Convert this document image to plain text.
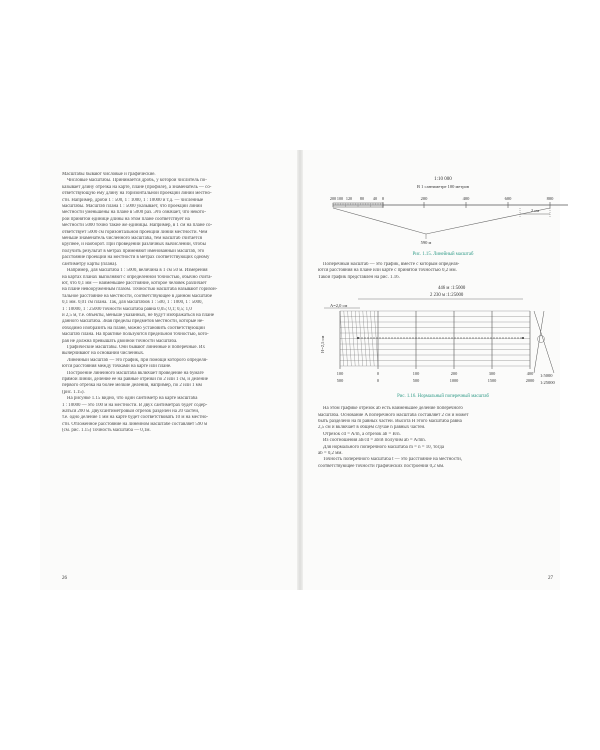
Масштабы бывают числовые и графические.
Числовые масштабы. Принимается дробь, у которой числитель по-
казывает длину отрезка на карте, плане (профиле), а знаменатель — со-
ответствующую ему длину на горизонтальной проекции линии местно-
сти. Например, дроби 1 : 500, 1 : 1000, 1 : 10000 и т.д. — численные
масштабы. Масштаб плана 1 : 5000 указывает, что проекции линий
местности уменьшены на плане в 5000 раз. Это означает, что некото-
рой принятой единице длины на этом плане соответствует на
местности 5000 точно такие же единицы. Например, в 1 см на плане со-
ответствует 5000 см горизонтальной проекции линии местности. Чем
меньше знаменатель численного масштаба, тем масштаб считается
крупнее, и наоборот. При проведении различных вычислений, чтобы
получить результат в метрах применяют именованный масштаб, это
расстояние проекции на местности в метрах соответствующих одному
сантиметру карты (плана).
Например, для масштаба 1 : 5000, величина в 1 см 50 м. Измерения
на картах планах выполняют с определенной точностью, обычно счита-
ют, что 0,1 мм — наименьшее расстояние, которое человек различает
на плане невооруженным глазом. Точностью масштаба называют горизон-
тальное расстояние на местности, соответствующее в данном масштабе
0,1 мм. 0,01 см плана. Так, для масштабов 1 : 500, 1 : 1000, 1 : 5000,
1 : 10000, 1 : 25000 точности масштаба равна 0,05; 0,1; 0,5; 1,0
и 2,5 м, т.е. объекты, меньше указанных, не будут изображаться на плане
данного масштаба. Зная пределы предметов местности, которые не-
обходимо изобразить на плане, можно установить соответствующий
масштаб плана. На практике пользуются предельной точностью, кото-
рая не должна превышать двойной точности масштаба.
Графические масштабы. Они бывают линейные и поперечные. Их
вычерчивают на основании численных.
Линейный масштаб — это график, при помощи которого определя-
ются расстояния между точками на карте или плане.
Построение линейного масштаба включает проведение на бумаге
прямой линии, деление ее на равные отрезки по 2 или 1 см, и деление
первого отрезка на более мелкие деления, например, по 2 или 1 мм
(рис. 1.15).
На рисунке 1.15 видно, что один сантиметр на карте масштаба
1 : 10000 — это 100 м на местности. В двух сантиметрах будет содер-
жаться 200 м. Двухсантиметровый отрезок разделен на 20 частей,
т.е. одно деление 1 мм на карте будет соответствовать 10 м на местно-
сти. Отложенное расстояние на линейном масштабе составляет 590 м
(см. рис. 1.15) Точность масштаба — 0,1м.
26
1:10 000
В 1 сантиметре 100 метров
200 100 120 80 40 0	200	400	600	800
590 м
2 см
Рис. 1.15. Линейный масштаб
Поперечный масштаб — это график, вместе с которым определя-
ются расстояния на плане или карте с принятой точностью 0,2 мм.
Такой график представлен на рис. 1.16.
446 м :1:5000
2 230 м :1:25000
A=2,0 см
H=2,5 см
100	0	100	200	300	400
500	0	500	1000	1500	2000
1:5000
1:25000
Рис. 1.16. Нормальный поперечный масштаб
На этом графике отрезок ab есть наименьшее деление поперечного
масштаба. Основание A поперечного масштаба составляет 2 см и может
быть разделено на m равных частей. Высота H этого масштаба равна
2,5 см и включает в общем случае n равных частей.
Отрезок cd = A/m, а отрезок ab = B/n.
Из соотношения ab/cd = ab/B получим ab = A/mn.
Для нормального поперечного масштаба m = n = 10, тогда
ab = 0,2 мм.
Точность поперечного масштаба t — это расстояние на местности,
соответствующее точности графических построений 0,2 мм.
27
